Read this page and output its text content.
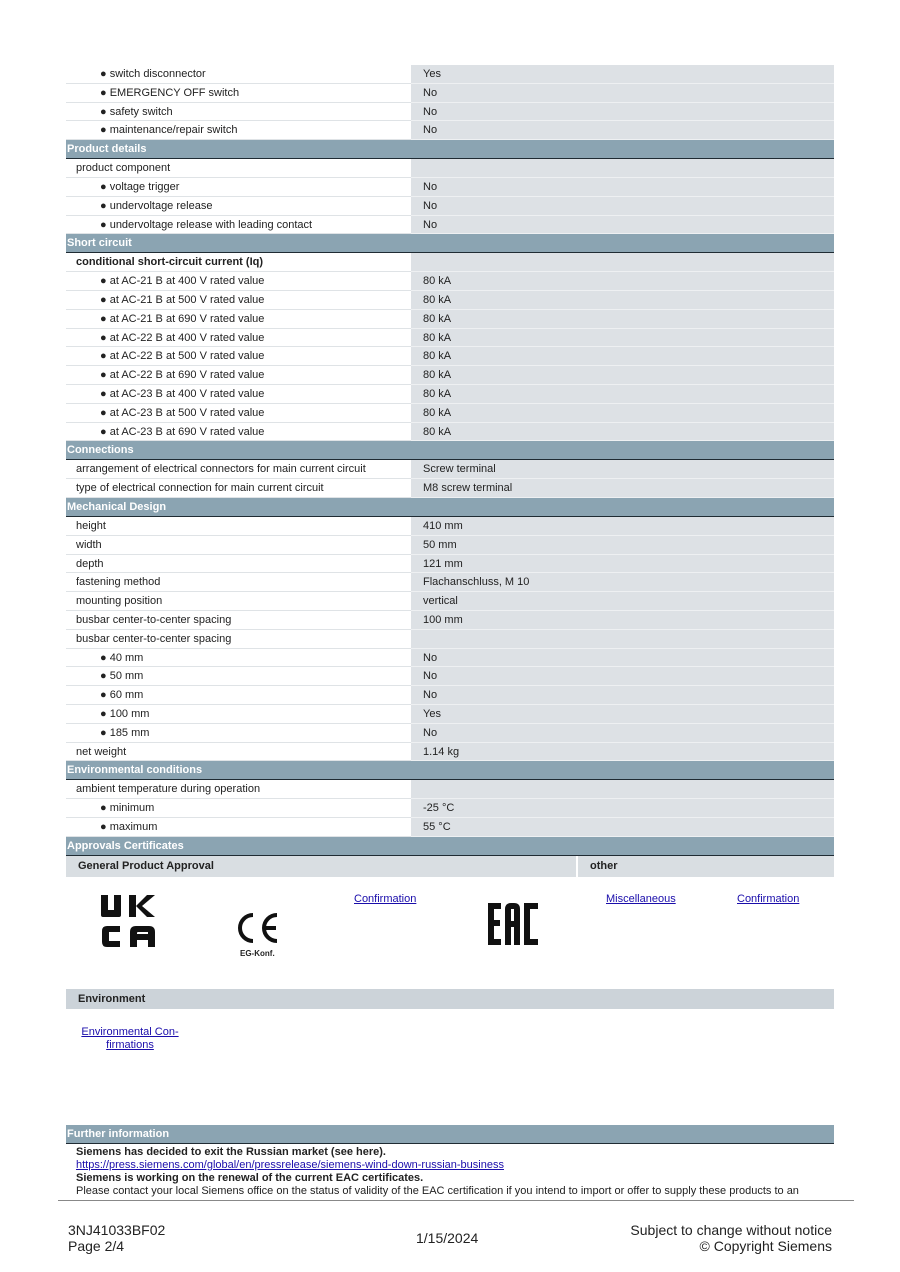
● switch disconnector	Yes
● EMERGENCY OFF switch	No
● safety switch	No
● maintenance/repair switch	No
Product details
product component
● voltage trigger	No
● undervoltage release	No
● undervoltage release with leading contact	No
Short circuit
conditional short-circuit current (Iq)
● at AC-21 B at 400 V rated value	80 kA
● at AC-21 B at 500 V rated value	80 kA
● at AC-21 B at 690 V rated value	80 kA
● at AC-22 B at 400 V rated value	80 kA
● at AC-22 B at 500 V rated value	80 kA
● at AC-22 B at 690 V rated value	80 kA
● at AC-23 B at 400 V rated value	80 kA
● at AC-23 B at 500 V rated value	80 kA
● at AC-23 B at 690 V rated value	80 kA
Connections
arrangement of electrical connectors for main current circuit	Screw terminal
type of electrical connection for main current circuit	M8 screw terminal
Mechanical Design
height	410 mm
width	50 mm
depth	121 mm
fastening method	Flachanschluss, M 10
mounting position	vertical
busbar center-to-center spacing	100 mm
busbar center-to-center spacing
● 40 mm	No
● 50 mm	No
● 60 mm	No
● 100 mm	Yes
● 185 mm	No
net weight	1.14 kg
Environmental conditions
ambient temperature during operation
● minimum	-25 °C
● maximum	55 °C
Approvals Certificates
General Product Approval	other
EG-Konf.
Confirmation	Miscellaneous	Confirmation
Environment
Environmental Con-firmations
Further information
Siemens has decided to exit the Russian market (see here).
https://press.siemens.com/global/en/pressrelease/siemens-wind-down-russian-business
Siemens is working on the renewal of the current EAC certificates.
Please contact your local Siemens office on the status of validity of the EAC certification if you intend to import or offer to supply these products to an
3NJ41033BF02
Page 2/4	1/15/2024	Subject to change without notice
© Copyright Siemens
